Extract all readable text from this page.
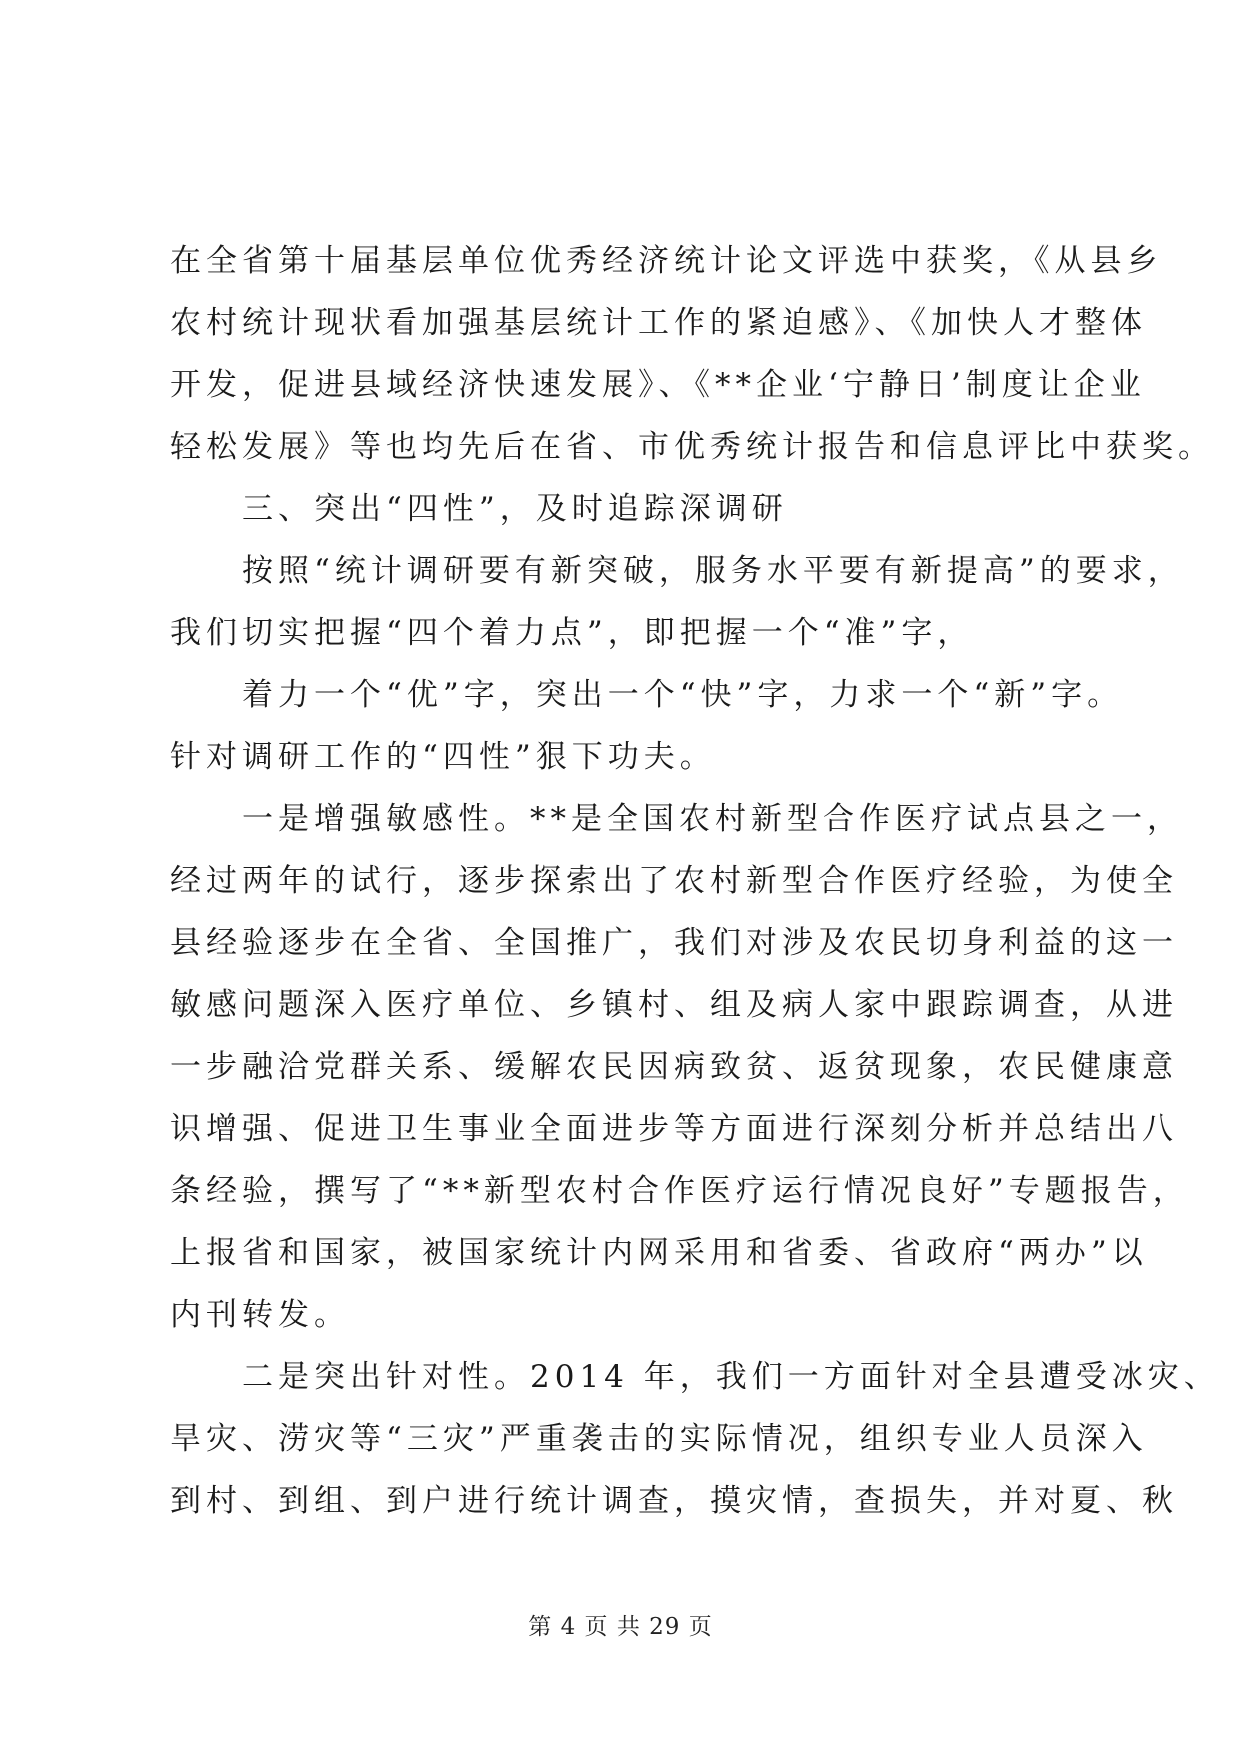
在全省第十届基层单位优秀经济统计论文评选中获奖，《从县乡
农村统计现状看加强基层统计工作的紧迫感》、《加快人才整体
开发，促进县域经济快速发展》、《**企业‘宁静日’制度让企业
轻松发展》等也均先后在省、市优秀统计报告和信息评比中获奖。
三、突出“四性”，及时追踪深调研
按照“统计调研要有新突破，服务水平要有新提高”的要求，
我们切实把握“四个着力点”，即把握一个“准”字，
着力一个“优”字，突出一个“快”字，力求一个“新”字。
针对调研工作的“四性”狠下功夫。
一是增强敏感性。**是全国农村新型合作医疗试点县之一，
经过两年的试行，逐步探索出了农村新型合作医疗经验，为使全
县经验逐步在全省、全国推广，我们对涉及农民切身利益的这一
敏感问题深入医疗单位、乡镇村、组及病人家中跟踪调查，从进
一步融洽党群关系、缓解农民因病致贫、返贫现象，农民健康意
识增强、促进卫生事业全面进步等方面进行深刻分析并总结出八
条经验，撰写了“**新型农村合作医疗运行情况良好”专题报告，
上报省和国家，被国家统计内网采用和省委、省政府“两办”以
内刊转发。
二是突出针对性。2014 年，我们一方面针对全县遭受冰灾、
旱灾、涝灾等“三灾”严重袭击的实际情况，组织专业人员深入
到村、到组、到户进行统计调查，摸灾情，查损失，并对夏、秋
第 4 页 共 29 页
